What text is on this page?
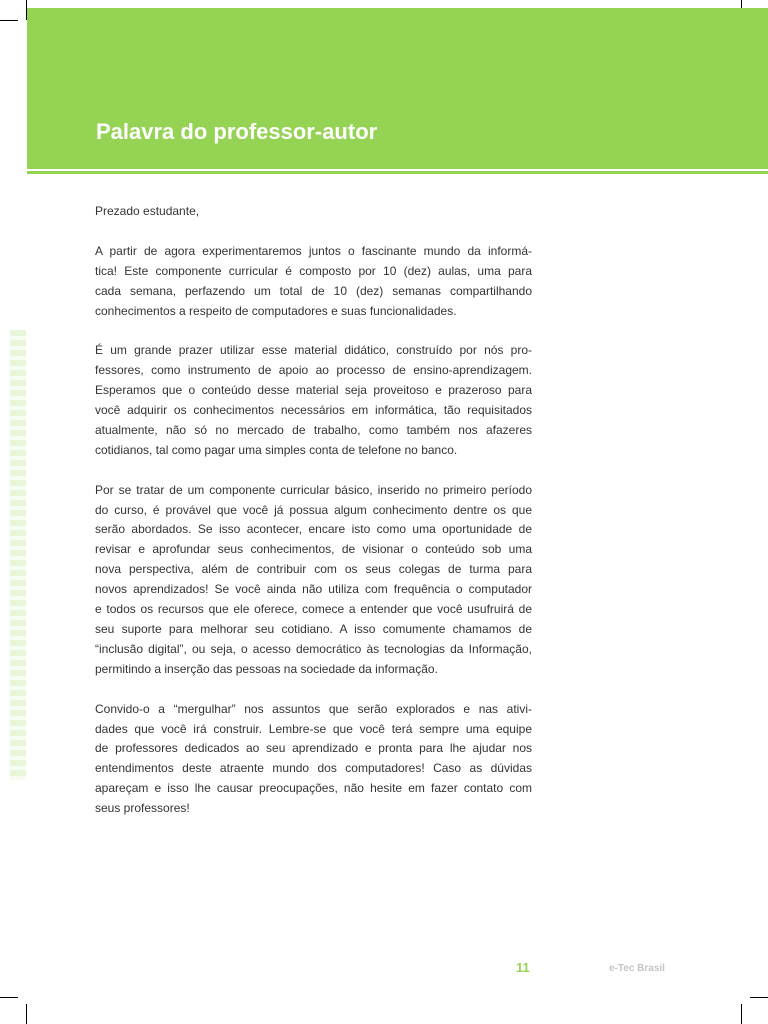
Palavra do professor-autor

Prezado estudante,

A partir de agora experimentaremos juntos o fascinante mundo da informá-
tica! Este componente curricular é composto por 10 (dez) aulas, uma para
cada semana, perfazendo um total de 10 (dez) semanas compartilhando
conhecimentos a respeito de computadores e suas funcionalidades.

É um grande prazer utilizar esse material didático, construído por nós pro-
fessores, como instrumento de apoio ao processo de ensino-aprendizagem.
Esperamos que o conteúdo desse material seja proveitoso e prazeroso para
você adquirir os conhecimentos necessários em informática, tão requisitados
atualmente, não só no mercado de trabalho, como também nos afazeres
cotidianos, tal como pagar uma simples conta de telefone no banco.

Por se tratar de um componente curricular básico, inserido no primeiro período
do curso, é provável que você já possua algum conhecimento dentre os que
serão abordados. Se isso acontecer, encare isto como uma oportunidade de
revisar e aprofundar seus conhecimentos, de visionar o conteúdo sob uma
nova perspectiva, além de contribuir com os seus colegas de turma para
novos aprendizados! Se você ainda não utiliza com frequência o computador
e todos os recursos que ele oferece, comece a entender que você usufruirá de
seu suporte para melhorar seu cotidiano. A isso comumente chamamos de
“inclusão digital”, ou seja, o acesso democrático às tecnologias da Informação,
permitindo a inserção das pessoas na sociedade da informação.

Convido-o a “mergulhar” nos assuntos que serão explorados e nas ativi-
dades que você irá construir. Lembre-se que você terá sempre uma equipe
de professores dedicados ao seu aprendizado e pronta para lhe ajudar nos
entendimentos deste atraente mundo dos computadores! Caso as dúvidas
apareçam e isso lhe causar preocupações, não hesite em fazer contato com
seus professores!

11	e-Tec Brasil
